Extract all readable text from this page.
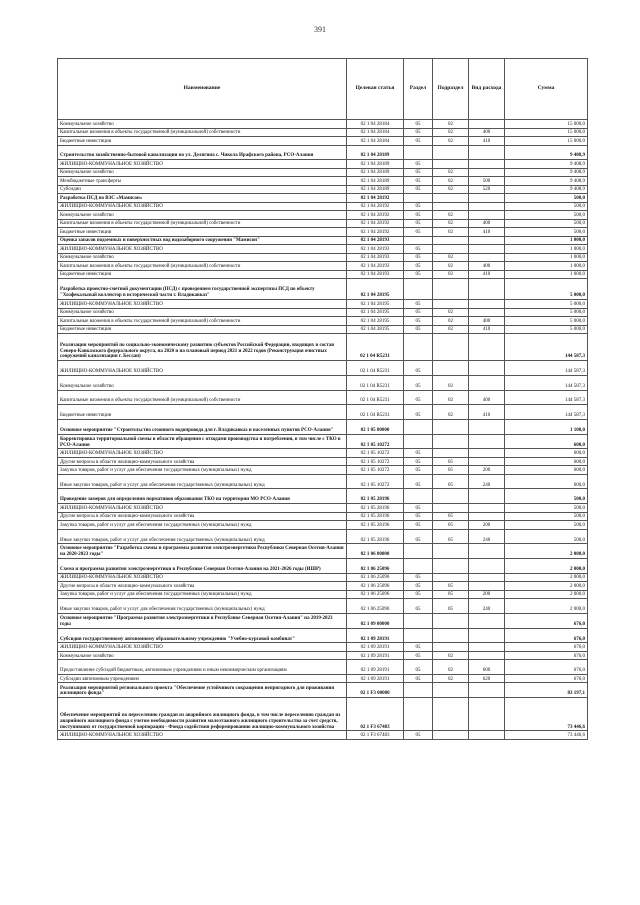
391
Наименование	Целевая статья	Раздел	Подраздел	Вид расхода	Сумма
Коммунальное хозяйство	02 1 04 28184	05	02		15 000,0
Капитальные вложения в объекты государственной (муниципальной) собственности	02 1 04 28184	05	02	400	15 000,0
Бюджетные инвестиции	02 1 04 28184	05	02	410	15 000,0
Строительство хозяйственно-бытовой канализации по ул. Делягина с. Чикола Ирафского района, РСО-Алания	02 1 04 28189				9 408,9
ЖИЛИЩНО-КОММУНАЛЬНОЕ ХОЗЯЙСТВО	02 1 04 28189	05			9 408,9
Коммунальное хозяйство	02 1 04 28189	05	02		9 408,9
Межбюджетные трансферты	02 1 04 28189	05	02	500	9 408,9
Субсидии	02 1 04 28189	05	02	520	9 408,9
Разработка ПСД по ВЗС «Мамисон»	02 1 04 28192				500,0
ЖИЛИЩНО-КОММУНАЛЬНОЕ ХОЗЯЙСТВО	02 1 04 28192	05			500,0
Коммунальное хозяйство	02 1 04 28192	05	02		500,0
Капитальные вложения в объекты государственной (муниципальной) собственности	02 1 04 28192	05	02	400	500,0
Бюджетные инвестиции	02 1 04 28192	05	02	410	500,0
Оценка запасов подземных и поверхностных вод водозаборного сооружения "Мамисон"	02 1 04 28193				1 000,0
ЖИЛИЩНО-КОММУНАЛЬНОЕ ХОЗЯЙСТВО	02 1 04 28193	05			1 000,0
Коммунальное хозяйство	02 1 04 28193	05	02		1 000,0
Капитальные вложения в объекты государственной (муниципальной) собственности	02 1 04 28193	05	02	400	1 000,0
Бюджетные инвестиции	02 1 04 28193	05	02	410	1 000,0
Разработка проектно-сметной документации (ПСД) с проведением государственной экспертизы ПСД по объекту "Хозфекальный коллектор в исторической части г. Владикавказ"	02 1 04 28195				5 000,0
ЖИЛИЩНО-КОММУНАЛЬНОЕ ХОЗЯЙСТВО	02 1 04 28195	05			5 000,0
Коммунальное хозяйство	02 1 04 28195	05	02		5 000,0
Капитальные вложения в объекты государственной (муниципальной) собственности	02 1 04 28195	05	02	400	5 000,0
Бюджетные инвестиции	02 1 04 28195	05	02	410	5 000,0
Реализация мероприятий по социально-экономическому развитию субъектов Российской Федерации, входящих в состав Северо-Кавказского федерального округа, на 2020 и на плановый период 2021 и 2022 годов (Реконструкция очистных сооружений канализации г. Беслан)	02 1 04 R5231				144 587,3
ЖИЛИЩНО-КОММУНАЛЬНОЕ ХОЗЯЙСТВО	02 1 04 R5231	05			144 587,3
Коммунальное хозяйство	02 1 04 R5231	05	02		144 587,3
Капитальные вложения в объекты государственной (муниципальной) собственности	02 1 04 R5231	05	02	400	144 587,3
Бюджетные инвестиции	02 1 04 R5231	05	02	410	144 587,3
Основное мероприятие "Строительство сезонного водопровода для г. Владикавказ и населенных пунктов РСО-Алания"	02 1 05 00000				1 100,0
Корректировка территориальной схемы в области обращения с отходами производства и потребления, в том числе с ТКО в РСО-Алания	02 1 05 10272				600,0
ЖИЛИЩНО-КОММУНАЛЬНОЕ ХОЗЯЙСТВО	02 1 05 10272	05			600,0
Другие вопросы в области жилищно-коммунального хозяйства	02 1 05 10272	05	05		600,0
Закупка товаров, работ и услуг для обеспечения государственных (муниципальных) нужд	02 1 05 10272	05	05	200	600,0
Иные закупки товаров, работ и услуг для обеспечения государственных (муниципальных) нужд	02 1 05 10272	05	05	240	600,0
Проведение замеров для определения нормативов образования ТКО на территории МО РСО-Алания	02 1 05 28196				500,0
ЖИЛИЩНО-КОММУНАЛЬНОЕ ХОЗЯЙСТВО	02 1 05 28196	05			500,0
Другие вопросы в области жилищно-коммунального хозяйства	02 1 05 28196	05	05		500,0
Закупка товаров, работ и услуг для обеспечения государственных (муниципальных) нужд	02 1 05 28196	05	05	200	500,0
Иные закупки товаров, работ и услуг для обеспечения государственных (муниципальных) нужд	02 1 05 28196	05	05	240	500,0
Основное мероприятие "Разработка схемы и программы развития электроэнергетики Республики Северная Осетия-Алания на 2020-2023 годы"	02 1 06 00000				2 000,0
Схема и программа развития электроэнергетики в Республике Северная Осетия-Алания на 2021-2026 годы (ИШР)	02 1 06 25096				2 000,0
ЖИЛИЩНО-КОММУНАЛЬНОЕ ХОЗЯЙСТВО	02 1 06 25096	05			2 000,0
Другие вопросы в области жилищно-коммунального хозяйства	02 1 06 25096	05	05		2 000,0
Закупка товаров, работ и услуг для обеспечения государственных (муниципальных) нужд	02 1 06 25096	05	05	200	2 000,0
Иные закупки товаров, работ и услуг для обеспечения государственных (муниципальных) нужд	02 1 06 25096	05	05	240	2 000,0
Основное мероприятие "Программа развития электроэнергетики в Республике Северная Осетия-Алания" на 2019-2023 годы	02 1 09 00000				676,0
Субсидия государственному автономному образовательному учреждению "Учебно-курсовой комбинат"	02 1 09 28191				676,0
ЖИЛИЩНО-КОММУНАЛЬНОЕ ХОЗЯЙСТВО	02 1 09 28191	05			676,0
Коммунальное хозяйство	02 1 09 28191	05	02		676,0
Предоставление субсидий бюджетным, автономным учреждениям и иным некоммерческим организациям	02 1 09 28191	05	02	600	676,0
Субсидии автономным учреждениям	02 1 09 28191	05	02	620	676,0
Реализация мероприятий регионального проекта "Обеспечение устойчивого сокращения непригодного для проживания жилищного фонда"	02 1 F3 00000				83 197,1
Обеспечение мероприятий по переселению граждан из аварийного жилищного фонда, в том числе переселению граждан из аварийного жилищного фонда с учетом необходимости развития малоэтажного жилищного строительства за счет средств, поступивших от государственной корпорации - Фонда содействия реформированию жилищно-коммунального хозяйства	02 1 F3 67483				73 446,6
ЖИЛИЩНО-КОММУНАЛЬНОЕ ХОЗЯЙСТВО	02 1 F3 67483	05			73 446,6
